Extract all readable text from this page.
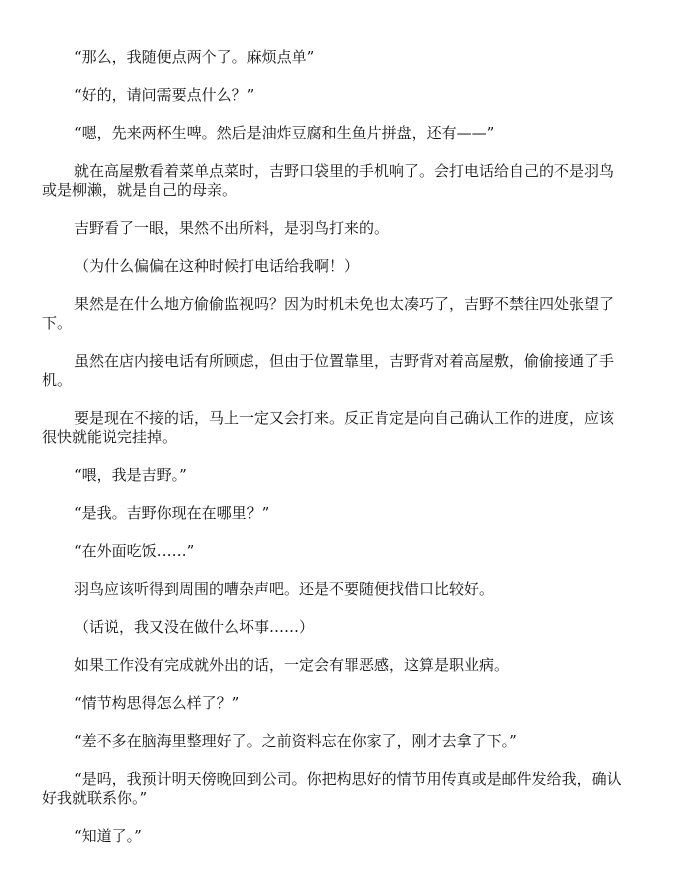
“那么，我随便点两个了。麻烦点单”

“好的，请问需要点什么？”

“嗯，先来两杯生啤。然后是油炸豆腐和生鱼片拼盘，还有——”

就在高屋敷看着菜单点菜时，吉野口袋里的手机响了。会打电话给自己的不是羽鸟或是柳濑，就是自己的母亲。

吉野看了一眼，果然不出所料，是羽鸟打来的。

（为什么偏偏在这种时候打电话给我啊！）

果然是在什么地方偷偷监视吗？因为时机未免也太凑巧了，吉野不禁往四处张望了下。

虽然在店内接电话有所顾虑，但由于位置靠里，吉野背对着高屋敷，偷偷接通了手机。

要是现在不接的话，马上一定又会打来。反正肯定是向自己确认工作的进度，应该很快就能说完挂掉。

“喂，我是吉野。”

“是我。吉野你现在在哪里？”

“在外面吃饭……”

羽鸟应该听得到周围的嘈杂声吧。还是不要随便找借口比较好。

（话说，我又没在做什么坏事……）

如果工作没有完成就外出的话，一定会有罪恶感，这算是职业病。

“情节构思得怎么样了？”

“差不多在脑海里整理好了。之前资料忘在你家了，刚才去拿了下。”

“是吗，我预计明天傍晚回到公司。你把构思好的情节用传真或是邮件发给我，确认好我就联系你。”

“知道了。”
